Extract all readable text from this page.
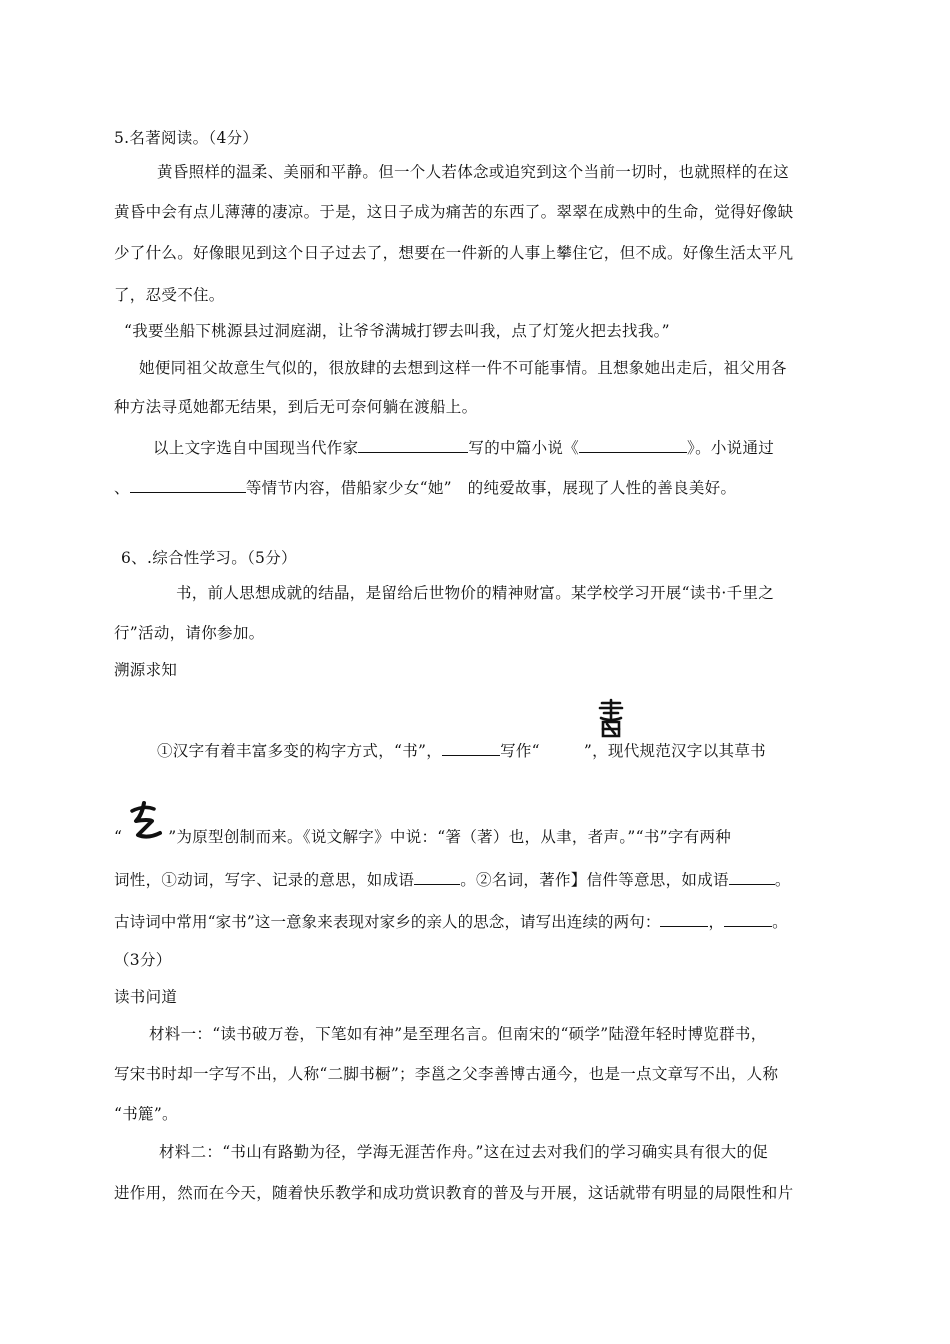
5.名著阅读。（4分）
黄昏照样的温柔、美丽和平静。但一个人若体念或追究到这个当前一切时，也就照样的在这
黄昏中会有点儿薄薄的凄凉。于是，这日子成为痛苦的东西了。翠翠在成熟中的生命，觉得好像缺
少了什么。好像眼见到这个日子过去了，想要在一件新的人事上攀住它，但不成。好像生活太平凡
了，忍受不住。
“我要坐船下桃源县过洞庭湖，让爷爷满城打锣去叫我，点了灯笼火把去找我。”
她便同祖父故意生气似的，很放肆的去想到这样一件不可能事情。且想象她出走后，祖父用各
种方法寻觅她都无结果，到后无可奈何躺在渡船上。
以上文字选自中国现当代作家	写的中篇小说《	》。小说通过
、	等情节内容，借船家少女“她”　的纯爱故事，展现了人性的善良美好。
6、.综合性学习。（5分）
书，前人思想成就的结晶，是留给后世物价的精神财富。某学校学习开展“读书·千里之
行”活动，请你参加。
溯源求知
①汉字有着丰富多变的构字方式，“书”，	写作“	”，现代规范汉字以其草书
“	”为原型创制而来。《说文解字》中说：“箸（著）也，从聿，者声。”“书”字有两种
词性，①动词，写字、记录的意思，如成语	。②名词，著作】信件等意思，如成语	。
古诗词中常用“家书”这一意象来表现对家乡的亲人的思念，请写出连续的两句：	，	。
（3分）
读书问道
材料一：“读书破万卷，下笔如有神”是至理名言。但南宋的“硕学”陆澄年轻时博览群书，
写宋书时却一字写不出，人称“二脚书橱”；李邕之父李善博古通今，也是一点文章写不出，人称
“书簏”。
材料二：“书山有路勤为径，学海无涯苦作舟。”这在过去对我们的学习确实具有很大的促
进作用，然而在今天，随着快乐教学和成功赏识教育的普及与开展，这话就带有明显的局限性和片
